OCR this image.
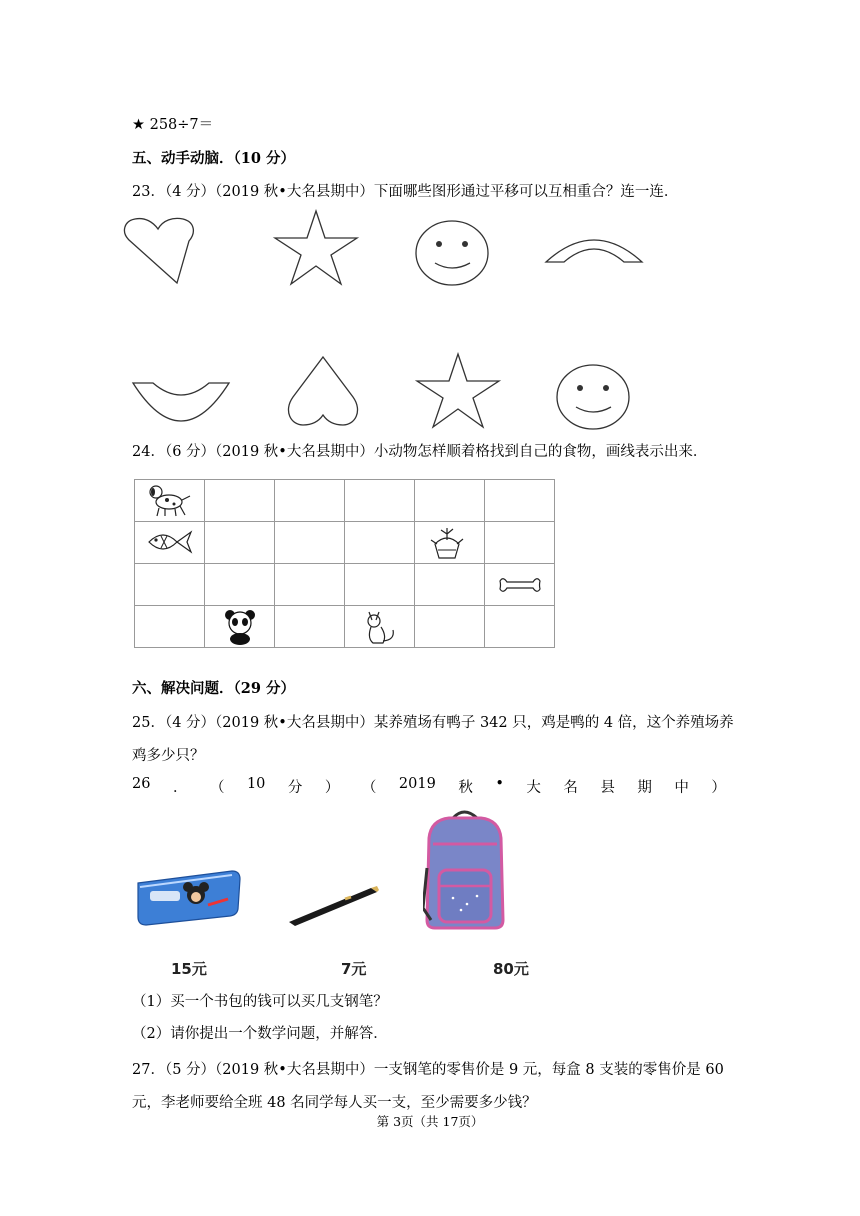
★ 258÷7＝
五、动手动脑．（10 分）
23．（4 分）（2019 秋•大名县期中）下面哪些图形通过平移可以互相重合？连一连．
24．（6 分）（2019 秋•大名县期中）小动物怎样顺着格找到自己的食物，画线表示出来．

六、解决问题．（29 分）
25．（4 分）（2019 秋•大名县期中）某养殖场有鸭子 342 只，鸡是鸭的 4 倍，这个养殖场养
鸡多少只？
26 ． （ 10 分 ） （ 2019 秋 • 大 名 县 期 中 ）
15元	7元	80元
（1）买一个书包的钱可以买几支钢笔？
（2）请你提出一个数学问题，并解答．
27．（5 分）（2019 秋•大名县期中）一支钢笔的零售价是 9 元，每盒 8 支装的零售价是 60
元，李老师要给全班 48 名同学每人买一支，至少需要多少钱？
第 3页（共 17页）
